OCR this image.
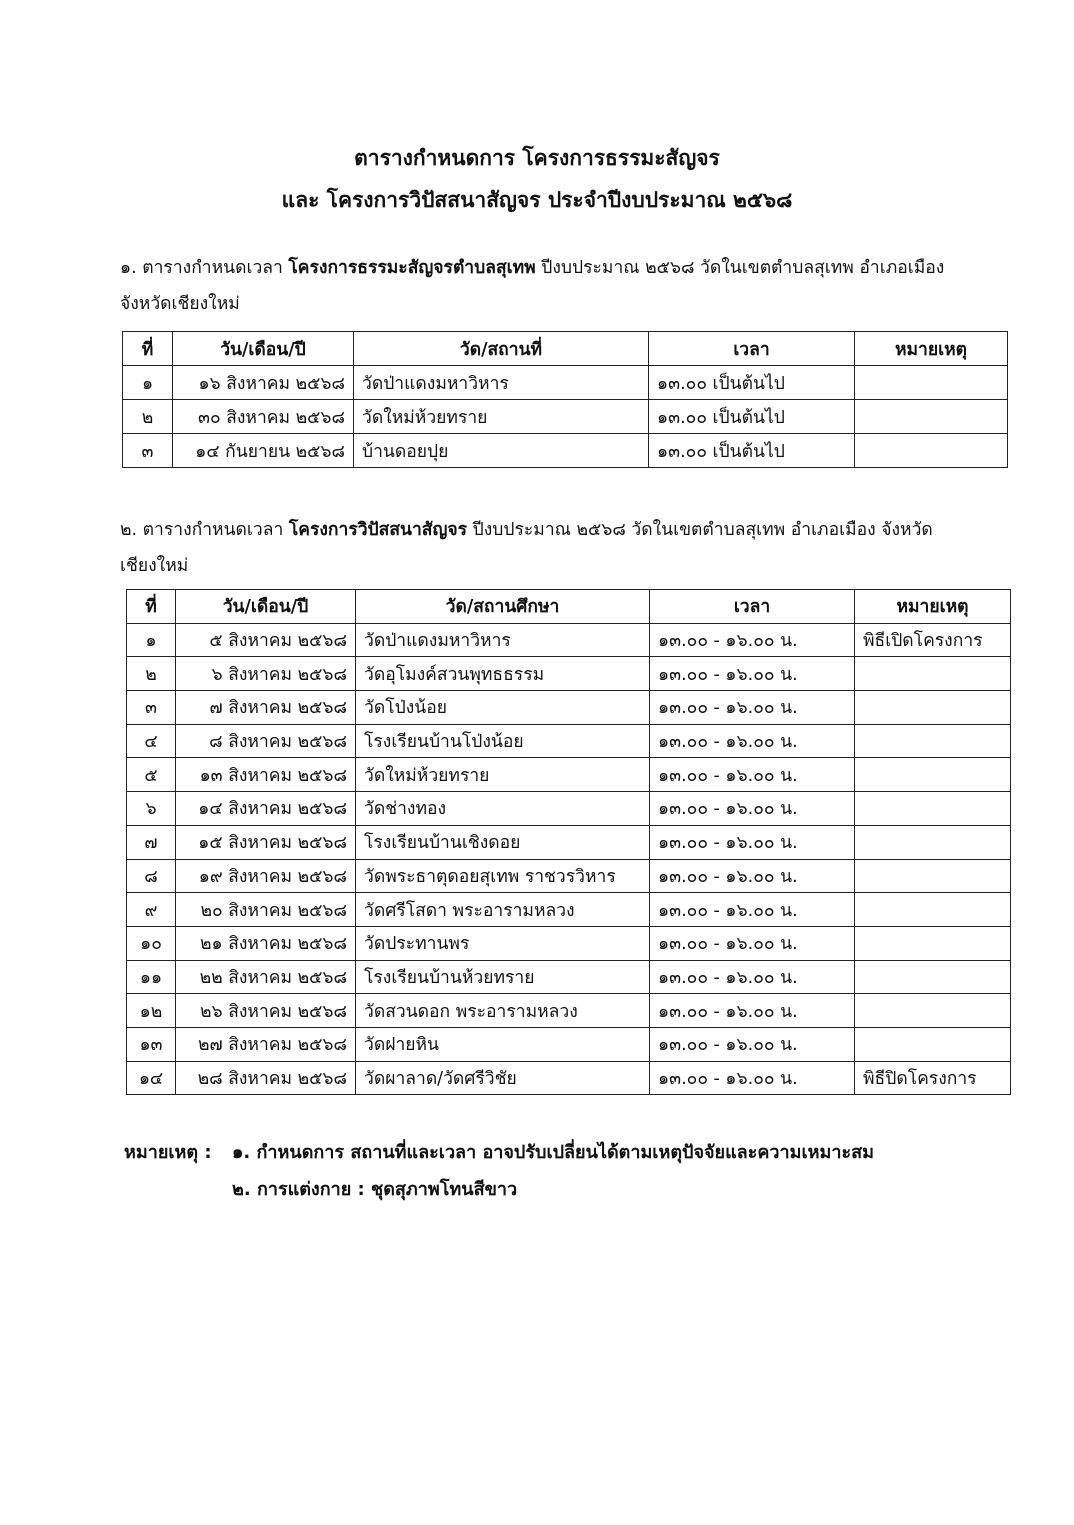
ตารางกำหนดการ โครงการธรรมะสัญจร
และ โครงการวิปัสสนาสัญจร ประจำปีงบประมาณ ๒๕๖๘
๑. ตารางกำหนดเวลา โครงการธรรมะสัญจรตำบลสุเทพ ปีงบประมาณ ๒๕๖๘ วัดในเขตตำบลสุเทพ อำเภอเมือง จังหวัดเชียงใหม่
ที่	วัน/เดือน/ปี	วัด/สถานที่	เวลา	หมายเหตุ
๑	๑๖ สิงหาคม ๒๕๖๘	วัดป่าแดงมหาวิหาร	๑๓.๐๐ เป็นต้นไป	
๒	๓๐ สิงหาคม ๒๕๖๘	วัดใหม่ห้วยทราย	๑๓.๐๐ เป็นต้นไป	
๓	๑๔ กันยายน ๒๕๖๘	บ้านดอยปุย	๑๓.๐๐ เป็นต้นไป	
๒. ตารางกำหนดเวลา โครงการวิปัสสนาสัญจร ปีงบประมาณ ๒๕๖๘ วัดในเขตตำบลสุเทพ อำเภอเมือง จังหวัดเชียงใหม่
ที่	วัน/เดือน/ปี	วัด/สถานศึกษา	เวลา	หมายเหตุ
๑	๕ สิงหาคม ๒๕๖๘	วัดป่าแดงมหาวิหาร	๑๓.๐๐ - ๑๖.๐๐ น.	พิธีเปิดโครงการ
๒	๖ สิงหาคม ๒๕๖๘	วัดอุโมงค์สวนพุทธธรรม	๑๓.๐๐ - ๑๖.๐๐ น.	
๓	๗ สิงหาคม ๒๕๖๘	วัดโป่งน้อย	๑๓.๐๐ - ๑๖.๐๐ น.	
๔	๘ สิงหาคม ๒๕๖๘	โรงเรียนบ้านโป่งน้อย	๑๓.๐๐ - ๑๖.๐๐ น.	
๕	๑๓ สิงหาคม ๒๕๖๘	วัดใหม่ห้วยทราย	๑๓.๐๐ - ๑๖.๐๐ น.	
๖	๑๔ สิงหาคม ๒๕๖๘	วัดช่างทอง	๑๓.๐๐ - ๑๖.๐๐ น.	
๗	๑๕ สิงหาคม ๒๕๖๘	โรงเรียนบ้านเชิงดอย	๑๓.๐๐ - ๑๖.๐๐ น.	
๘	๑๙ สิงหาคม ๒๕๖๘	วัดพระธาตุดอยสุเทพ ราชวรวิหาร	๑๓.๐๐ - ๑๖.๐๐ น.	
๙	๒๐ สิงหาคม ๒๕๖๘	วัดศรีโสดา พระอารามหลวง	๑๓.๐๐ - ๑๖.๐๐ น.	
๑๐	๒๑ สิงหาคม ๒๕๖๘	วัดประทานพร	๑๓.๐๐ - ๑๖.๐๐ น.	
๑๑	๒๒ สิงหาคม ๒๕๖๘	โรงเรียนบ้านห้วยทราย	๑๓.๐๐ - ๑๖.๐๐ น.	
๑๒	๒๖ สิงหาคม ๒๕๖๘	วัดสวนดอก พระอารามหลวง	๑๓.๐๐ - ๑๖.๐๐ น.	
๑๓	๒๗ สิงหาคม ๒๕๖๘	วัดฝายหิน	๑๓.๐๐ - ๑๖.๐๐ น.	
๑๔	๒๘ สิงหาคม ๒๕๖๘	วัดผาลาด/วัดศรีวิชัย	๑๓.๐๐ - ๑๖.๐๐ น.	พิธีปิดโครงการ
หมายเหตุ : ๑. กำหนดการ สถานที่และเวลา อาจปรับเปลี่ยนได้ตามเหตุปัจจัยและความเหมาะสม
๒. การแต่งกาย : ชุดสุภาพโทนสีขาว
